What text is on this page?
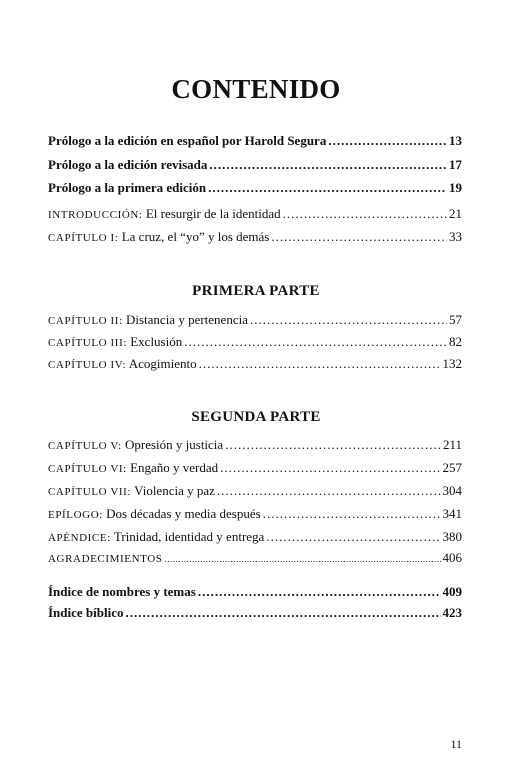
CONTENIDO
Prólogo a la edición en español por Harold Segura .....	13
Prólogo a la edición revisada .....	17
Prólogo a la primera edición .....	19
INTRODUCCIÓN: El resurgir de la identidad .....	21
CAPÍTULO I: La cruz, el “yo” y los demás .....	33
PRIMERA PARTE
CAPÍTULO II: Distancia y pertenencia .....	57
CAPÍTULO III: Exclusión .....	82
CAPÍTULO IV: Acogimiento .....	132
SEGUNDA PARTE
CAPÍTULO V: Opresión y justicia .....	211
CAPÍTULO VI: Engaño y verdad .....	257
CAPÍTULO VII: Violencia y paz .....	304
EPÍLOGO: Dos décadas y media después .....	341
APÉNDICE: Trinidad, identidad y entrega .....	380
AGRADECIMIENTOS .....	406
Índice de nombres y temas .....	409
Índice bíblico .....	423
11
